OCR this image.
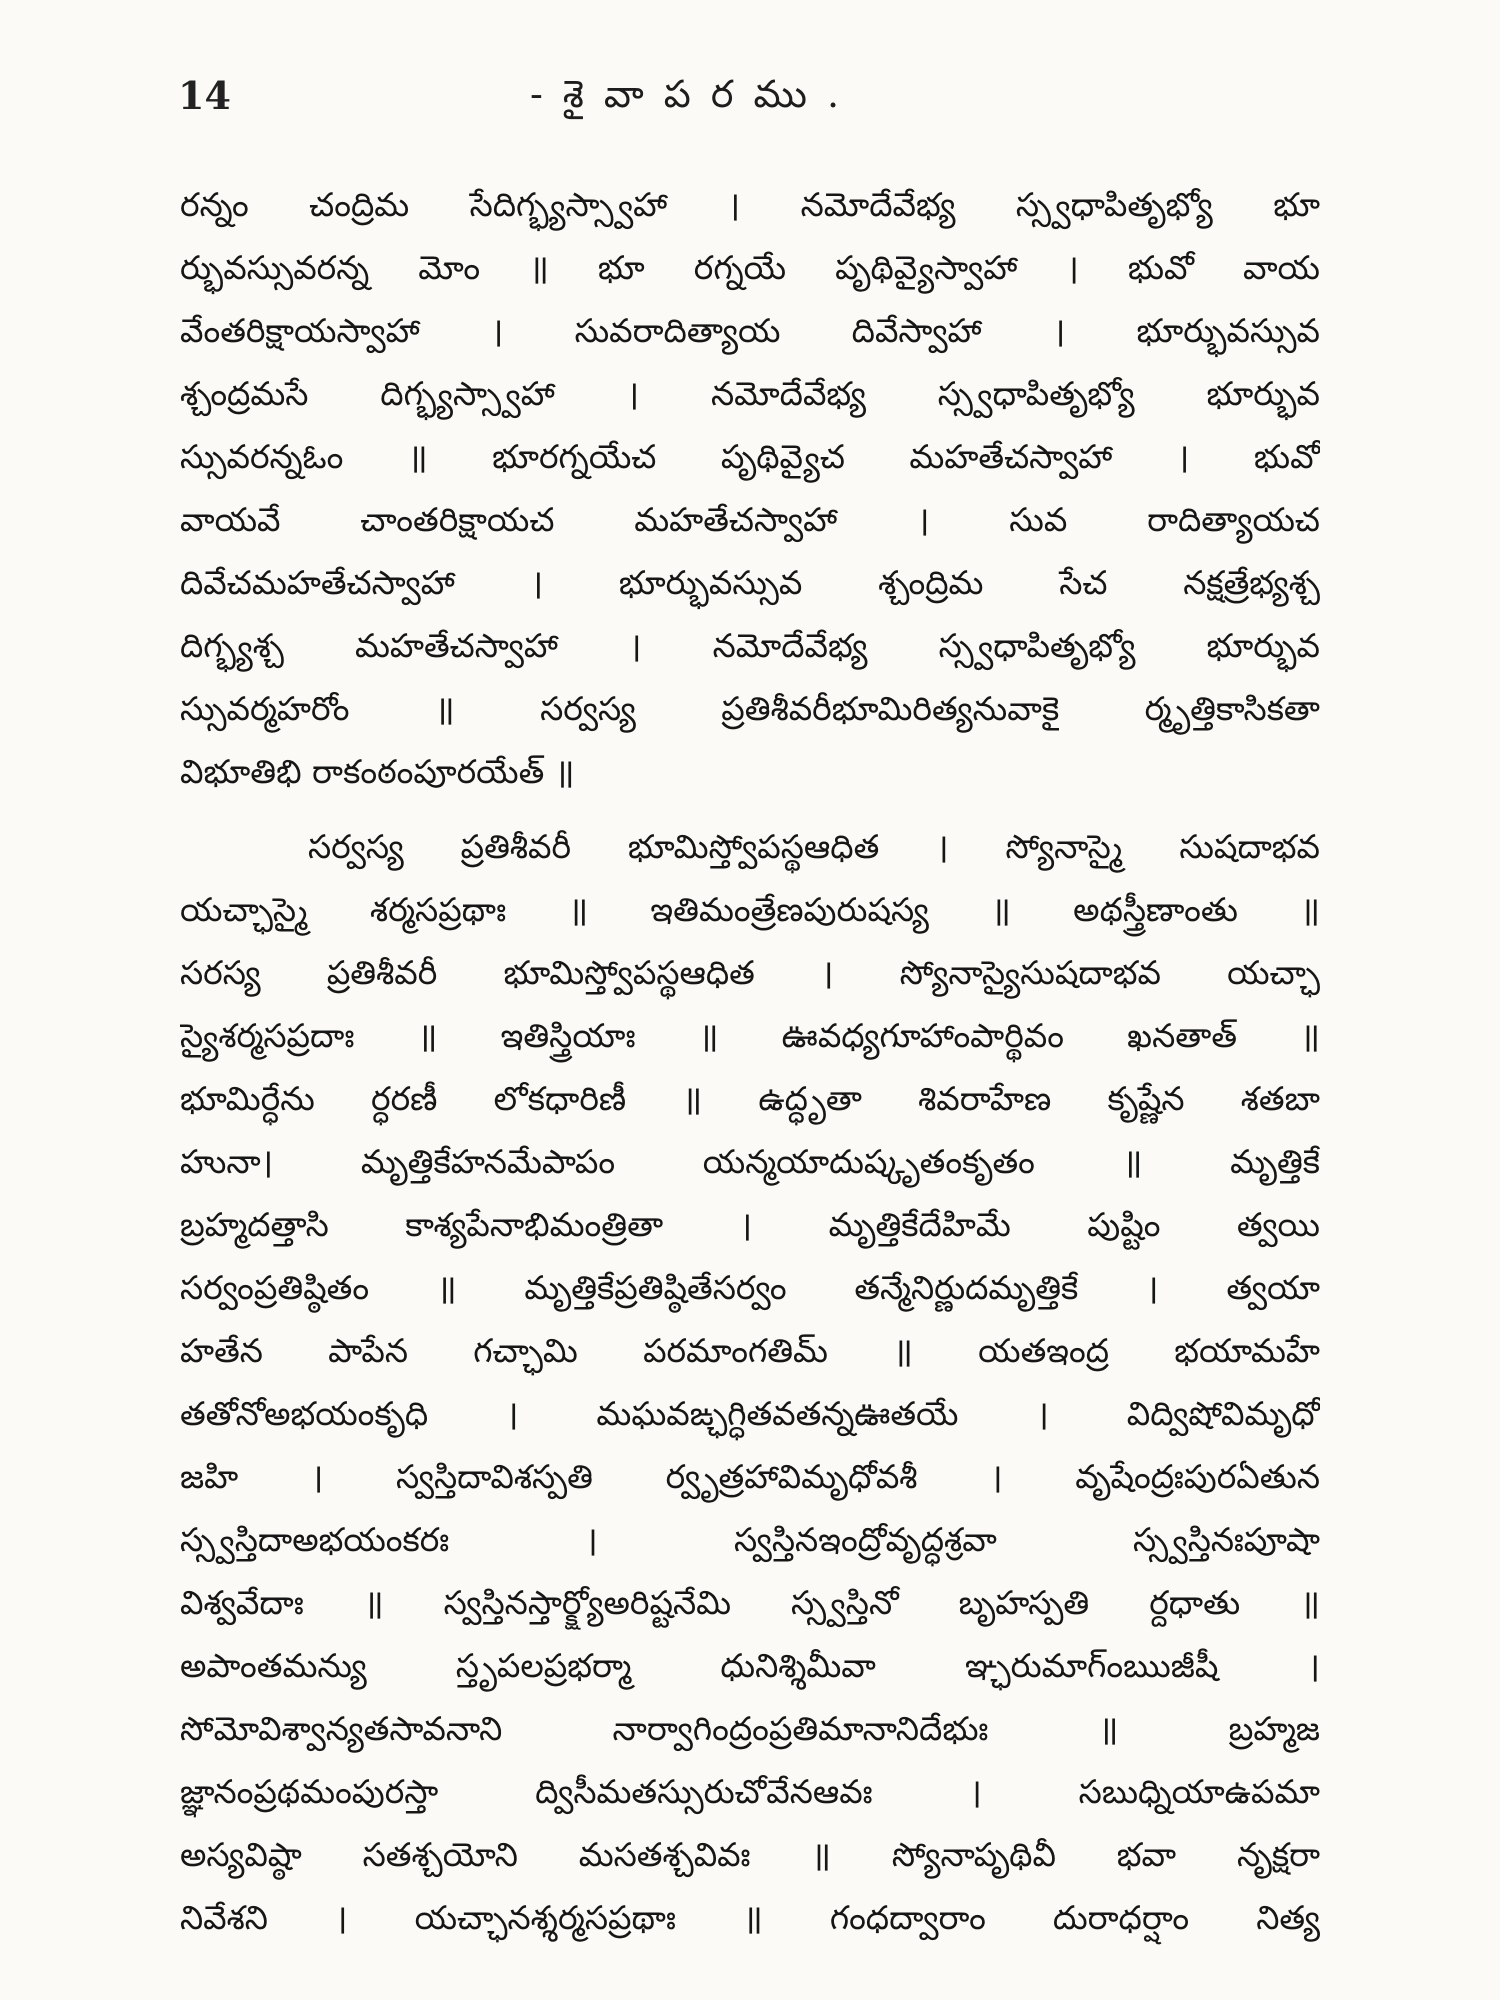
14	- శై వా ప ర ము .
రన్నం చంద్రిమ సేదిగ్భ్యస్స్వాహా । నమోదేవేభ్య స్స్వధాపితృభ్యో భూ
ర్భువస్సువరన్న మోం ॥ భూ రగ్నయే పృథివ్యైస్వాహా । భువో వాయ
వేంతరిక్షాయస్వాహా । సువరాదిత్యాయ దివేస్వాహా । భూర్భువస్సువ
శ్చంద్రమసే దిగ్భ్యస్స్వాహా । నమోదేవేభ్య స్స్వధాపితృభ్యో భూర్భువ
స్సువరన్నఓం ॥ భూరగ్నయేచ పృథివ్యైచ మహతేచస్వాహా । భువో
వాయవే చాంతరిక్షాయచ మహతేచస్వాహా । సువ రాదిత్యాయచ
దివేచమహతేచస్వాహా । భూర్భువస్సువ శ్చంద్రిమ సేచ నక్షత్రేభ్యశ్చ
దిగ్భ్యశ్చ మహతేచస్వాహా । నమోదేవేభ్య స్స్వధాపితృభ్యో భూర్భువ
స్సువర్మహరోం ॥ సర్వస్య ప్రతిశీవరీభూమిరిత్యనువాకై ర్మృత్తికాసికతా
విభూతిభి రాకంఠంపూరయేత్ ॥
సర్వస్య ప్రతిశీవరీ భూమిస్త్వోపస్థఆధిత । స్యోనాస్మై సుషదాభవ
యచ్ఛాస్మై శర్మసప్రథాః ॥ ఇతిమంత్రేణపురుషస్య ॥ అథస్త్రీణాంతు ॥
సరస్య ప్రతిశీవరీ భూమిస్త్వోపస్థఆధిత । స్యోనాస్యైసుషదాభవ యచ్ఛా
స్యైశర్మసప్రదాః ॥ ఇతిస్త్రియాః ॥ ఊవధ్యగూహాంపార్థివం ఖనతాత్ ॥
భూమిర్ధేను ర్ధరణీ లోకధారిణీ ॥ ఉద్ధృతా శివరాహేణ కృష్ణేన శతబా
హునా। మృత్తికేహనమేపాపం యన్మయాదుష్కృతంకృతం ॥ మృత్తికే
బ్రహ్మదత్తాసి కాశ్యపేనాభిమంత్రితా । మృత్తికేదేహిమే పుష్టిం త్వయి
సర్వంప్రతిష్ఠితం ॥ మృత్తికేప్రతిష్ఠితేసర్వం తన్మేనిర్ణుదమృత్తికే । త్వయా
హతేన పాపేన గచ్ఛామి పరమాంగతిమ్ ॥ యతఇంద్ర భయామహే
తతోనోఅభయంకృధి । మఘవఙ్ఛగ్ధితవతన్నఊతయే । విద్విషోవిమృధో
జహి । స్వస్తిదావిశస్పతి ర్వృత్రహావిమృధోవశీ । వృషేంద్రఃపురఏతున
స్స్వస్తిదాఅభయంకరః । స్వస్తినఇంద్రోవృద్ధశ్రవా స్స్వస్తినఃపూషా
విశ్వవేదాః ॥ స్వస్తినస్తార్క్ష్యోఅరిష్టనేమి స్స్వస్తినో బృహస్పతి ర్దధాతు ॥
అపాంతమన్యు స్తృపలప్రభర్మా ధునిశ్శిమీవా ఞ్ఛరుమాగ్ంఋజీషీ ।
సోమోవిశ్వాన్యతసావనాని నార్వాగింద్రంప్రతిమానానిదేభుః ॥ బ్రహ్మజ
జ్ఞానంప్రథమంపురస్తా ద్విసీమతస్సురుచోవేనఆవః । సబుధ్నియాఉపమా
అస్యవిష్ఠా సతశ్చయోని మసతశ్చవివః ॥ స్యోనాపృథివీ భవా నృక్షరా
నివేశని । యచ్ఛానశ్శర్మసప్రథాః ॥ గంధద్వారాం దురాధర్షాం నిత్య
